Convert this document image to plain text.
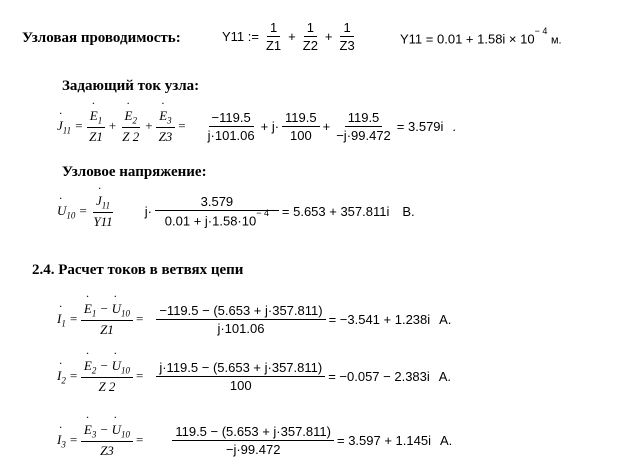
Узловая проводимость:	Y11 := $\frac{1}{Z1} + \frac{1}{Z2} + \frac{1}{Z3}$	$Y11 = 0.01 + 1.58i \times 10^{- 4}$ м.
Задающий ток узла:
· $J_{11}$ = · $\frac{E_1}{Z1}$ + · $\frac{E_2}{Z 2}$ + · $\frac{E_3}{Z3} = \frac{-119.5}{j\cdot 101.06} + j\cdot \frac{119.5}{100} + \frac{119.5}{-j\cdot 99.472} = 3.579i$ .
Узловое напряжение:
· $U_{10}$ = · $\frac{J_{11}}{Y11} j\cdot \frac{3.579}{0.01 + j\cdot 1.58\cdot 10^{- 4}} = 5.653 + 357.811i$ В.
2.4. Расчет токов в ветвях цепи
· $I_1$ = · $\frac{E_1 - \cdot U_{10}}{Z1} = \frac{-119.5 - (5.653 + j\cdot 357.811)}{j\cdot 101.06} = -3.541 + 1.238i$ A.
· $I_2$ = · $\frac{E_2 - \cdot U_{10}}{Z 2} = \frac{j\cdot 119.5 - (5.653 + j\cdot 357.811)}{100} = -0.057 - 2.383i$ A.
· $I_3$ = · $\frac{E_3 - \cdot U_{10}}{Z3} = \frac{119.5 - (5.653 + j\cdot 357.811)}{-j\cdot 99.472} = 3.597 + 1.145i$ A.
